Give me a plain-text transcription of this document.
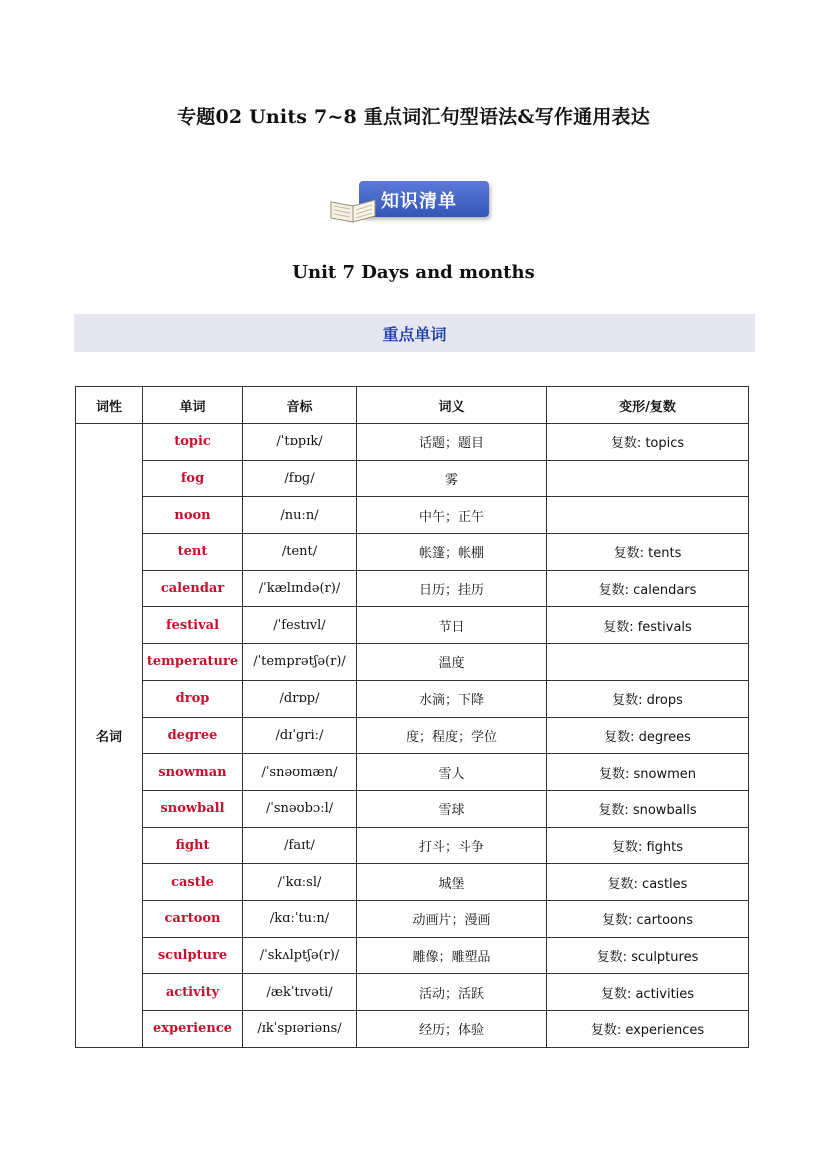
专题02 Units 7~8 重点词汇句型语法&写作通用表达
知识清单
Unit 7 Days and months
重点单词
词性	单词	音标	词义	变形/复数
名词	topic	/ˈtɒpɪk/	话题；题目	复数: topics
	fog	/fɒɡ/	雾	
	noon	/nuːn/	中午；正午	
	tent	/tent/	帐篷；帐棚	复数: tents
	calendar	/ˈkælɪndə(r)/	日历；挂历	复数: calendars
	festival	/ˈfestɪvl/	节日	复数: festivals
	temperature	/ˈtemprətʃə(r)/	温度	
	drop	/drɒp/	水滴；下降	复数: drops
	degree	/dɪˈɡriː/	度；程度；学位	复数: degrees
	snowman	/ˈsnəʊmæn/	雪人	复数: snowmen
	snowball	/ˈsnəʊbɔːl/	雪球	复数: snowballs
	fight	/faɪt/	打斗；斗争	复数: fights
	castle	/ˈkɑːsl/	城堡	复数: castles
	cartoon	/kɑːˈtuːn/	动画片；漫画	复数: cartoons
	sculpture	/ˈskʌlptʃə(r)/	雕像；雕塑品	复数: sculptures
	activity	/ækˈtɪvəti/	活动；活跃	复数: activities
	experience	/ɪkˈspɪəriəns/	经历；体验	复数: experiences
